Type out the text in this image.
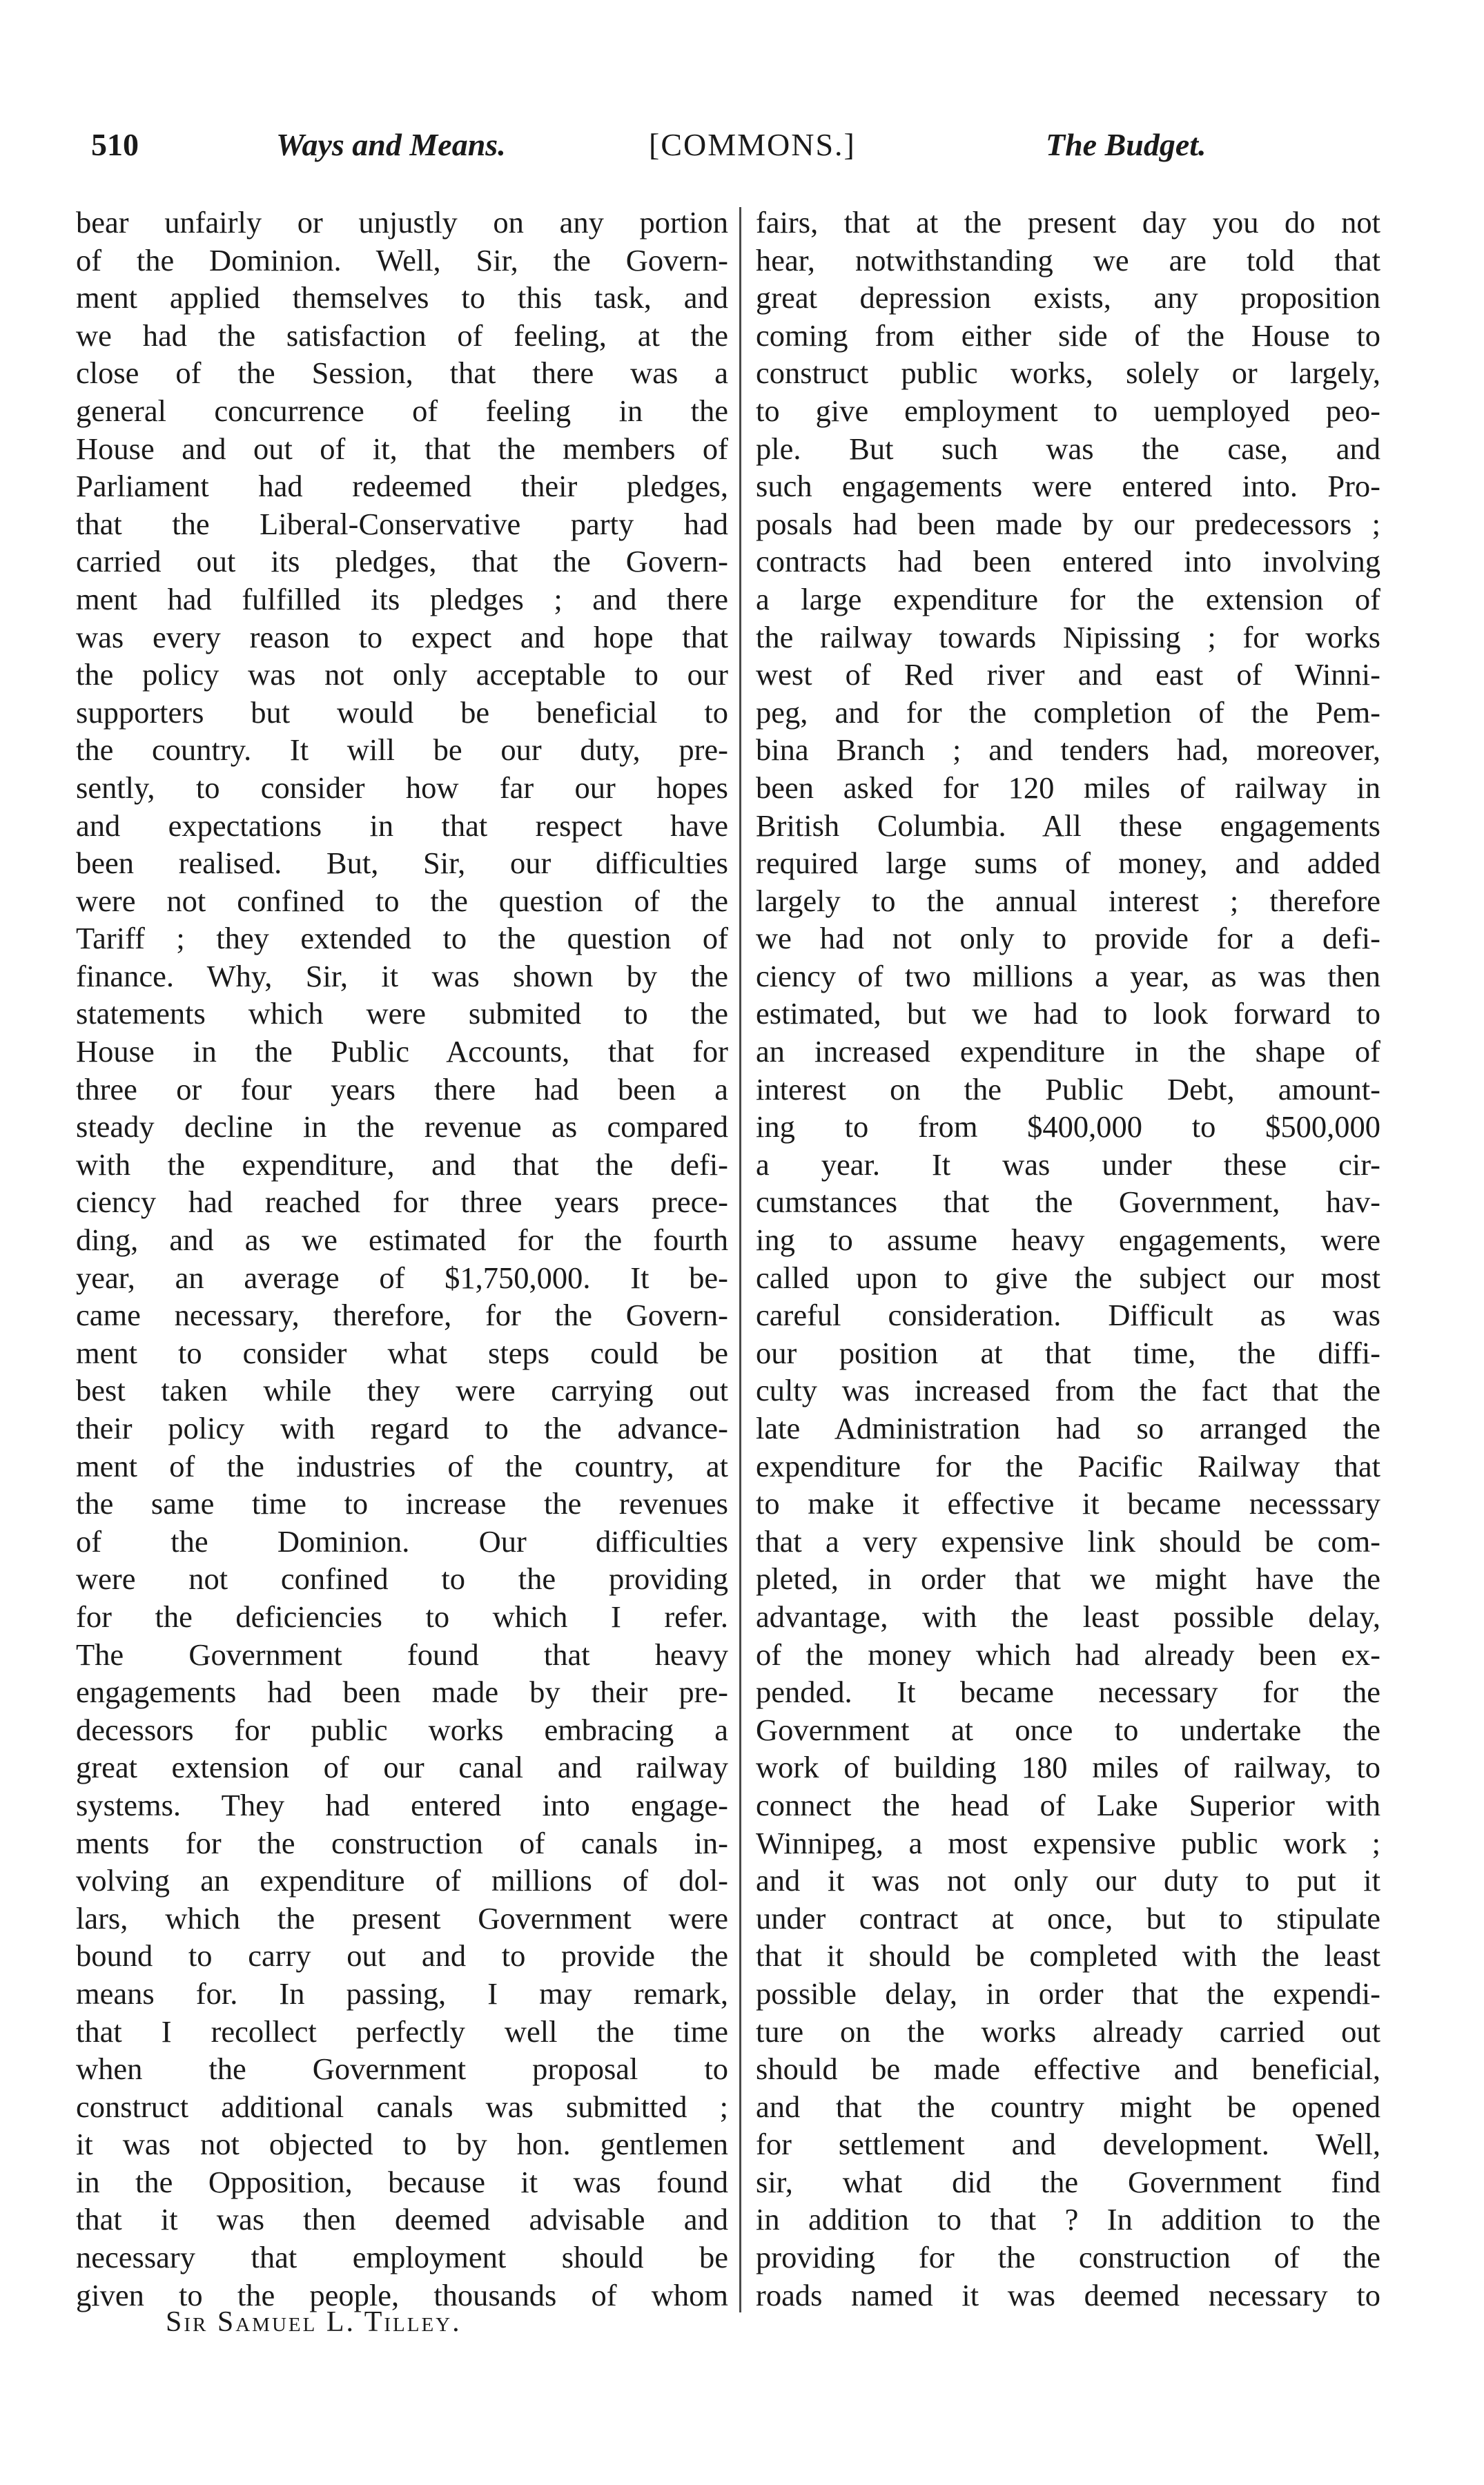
510	Ways and Means.	[COMMONS.]	The Budget.
bear unfairly or unjustly on any portion
of the Dominion. Well, Sir, the Govern-
ment applied themselves to this task, and
we had the satisfaction of feeling, at the
close of the Session, that there was a
general concurrence of feeling in the
House and out of it, that the members of
Parliament had redeemed their pledges,
that the Liberal-Conservative party had
carried out its pledges, that the Govern-
ment had fulfilled its pledges ; and there
was every reason to expect and hope that
the policy was not only acceptable to our
supporters but would be beneficial to
the country. It will be our duty, pre-
sently, to consider how far our hopes
and expectations in that respect have
been realised. But, Sir, our difficulties
were not confined to the question of the
Tariff ; they extended to the question of
finance. Why, Sir, it was shown by the
statements which were submited to the
House in the Public Accounts, that for
three or four years there had been a
steady decline in the revenue as compared
with the expenditure, and that the defi-
ciency had reached for three years prece-
ding, and as we estimated for the fourth
year, an average of $1,750,000. It be-
came necessary, therefore, for the Govern-
ment to consider what steps could be
best taken while they were carrying out
their policy with regard to the advance-
ment of the industries of the country, at
the same time to increase the revenues
of the Dominion. Our difficulties
were not confined to the providing
for the deficiencies to which I refer.
The Government found that heavy
engagements had been made by their pre-
decessors for public works embracing a
great extension of our canal and railway
systems. They had entered into engage-
ments for the construction of canals in-
volving an expenditure of millions of dol-
lars, which the present Government were
bound to carry out and to provide the
means for. In passing, I may remark,
that I recollect perfectly well the time
when the Government proposal to
construct additional canals was submitted ;
it was not objected to by hon. gentlemen
in the Opposition, because it was found
that it was then deemed advisable and
necessary that employment should be
given to the people, thousands of whom
fairs, that at the present day you do not
hear, notwithstanding we are told that
great depression exists, any proposition
coming from either side of the House to
construct public works, solely or largely,
to give employment to uemployed peo-
ple. But such was the case, and
such engagements were entered into. Pro-
posals had been made by our predecessors ;
contracts had been entered into involving
a large expenditure for the extension of
the railway towards Nipissing ; for works
west of Red river and east of Winni-
peg, and for the completion of the Pem-
bina Branch ; and tenders had, moreover,
been asked for 120 miles of railway in
British Columbia. All these engagements
required large sums of money, and added
largely to the annual interest ; therefore
we had not only to provide for a defi-
ciency of two millions a year, as was then
estimated, but we had to look forward to
an increased expenditure in the shape of
interest on the Public Debt, amount-
ing to from $400,000 to $500,000
a year. It was under these cir-
cumstances that the Government, hav-
ing to assume heavy engagements, were
called upon to give the subject our most
careful consideration. Difficult as was
our position at that time, the diffi-
culty was increased from the fact that the
late Administration had so arranged the
expenditure for the Pacific Railway that
to make it effective it became necesssary
that a very expensive link should be com-
pleted, in order that we might have the
advantage, with the least possible delay,
of the money which had already been ex-
pended. It became necessary for the
Government at once to undertake the
work of building 180 miles of railway, to
connect the head of Lake Superior with
Winnipeg, a most expensive public work ;
and it was not only our duty to put it
under contract at once, but to stipulate
that it should be completed with the least
possible delay, in order that the expendi-
ture on the works already carried out
should be made effective and beneficial,
and that the country might be opened
for settlement and development. Well,
sir, what did the Government find
in addition to that ? In addition to the
providing for the construction of the
roads named it was deemed necessary to
Sir Samuel L. Tilley.
